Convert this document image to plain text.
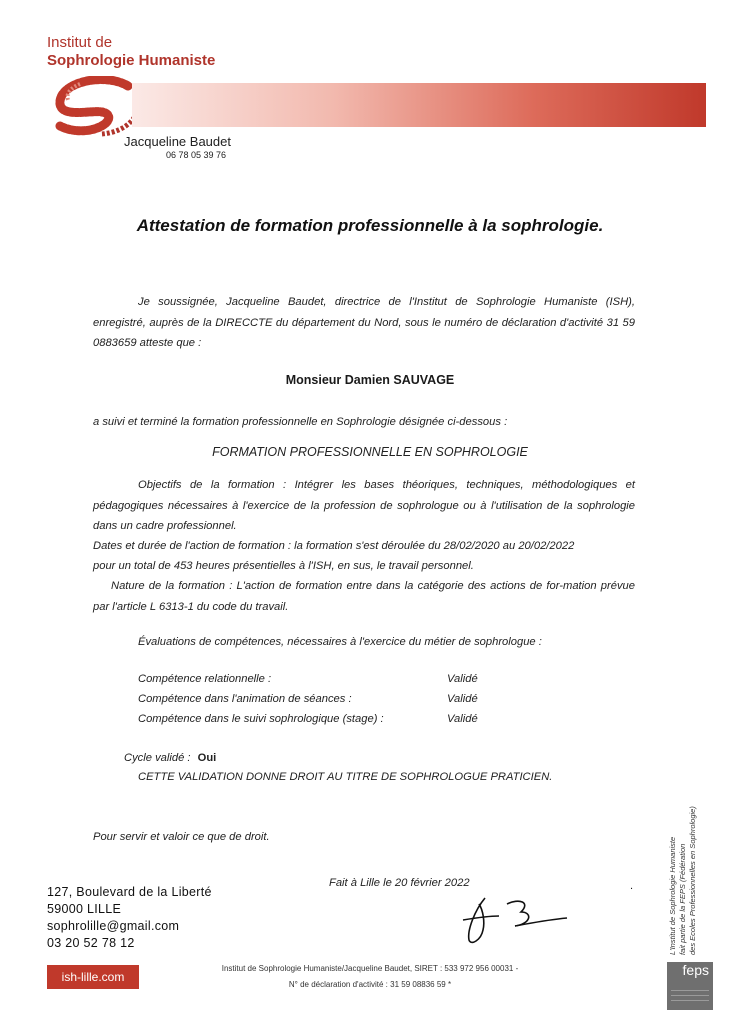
Institut de
Sophrologie Humaniste
Jacqueline Baudet
06 78 05 39 76
Attestation de formation professionnelle à la sophrologie.
Je soussignée, Jacqueline Baudet, directrice de l'Institut de Sophrologie Humaniste (ISH), enregistré, auprès de la DIRECCTE du département du Nord, sous le numéro de déclaration d'activité 31 59 0883659 atteste que :
Monsieur Damien SAUVAGE
a suivi et terminé la formation professionnelle en Sophrologie désignée ci-dessous :
FORMATION PROFESSIONNELLE EN SOPHROLOGIE
Objectifs de la formation : Intégrer les bases théoriques, techniques, méthodologiques et pédagogiques nécessaires à l'exercice de la profession de sophrologue ou à l'utilisation de la sophrologie dans un cadre professionnel.
Dates et durée de l'action de formation : la formation s'est déroulée du 28/02/2020 au 20/02/2022
pour un total de 453 heures présentielles à l'ISH, en sus, le travail personnel.
Nature de la formation : L'action de formation entre dans la catégorie des actions de for-mation prévue par l'article L 6313-1 du code du travail.
Évaluations de compétences, nécessaires à l'exercice du métier de sophrologue :
Compétence relationnelle :	Validé
Compétence dans l'animation de séances :	Validé
Compétence dans le suivi sophrologique (stage) :	Validé
Cycle validé : Oui
CETTE VALIDATION DONNE DROIT AU TITRE DE SOPHROLOGUE PRATICIEN.
Pour servir et valoir ce que de droit.
Fait à Lille le 20 février 2022	.
127, Boulevard de la Liberté
59000 LILLE
sophrolille@gmail.com
03 20 52 78 12
ish-lille.com
Institut de Sophrologie Humaniste/Jacqueline Baudet, SIRET : 533 972 956 00031 -
N° de déclaration d'activité : 31 59 08836 59 *
L'Institut de Sophrologie Humaniste fait partie de la FEPS (Fédération des Ecoles Professionnelles en Sophrologie)
feps
